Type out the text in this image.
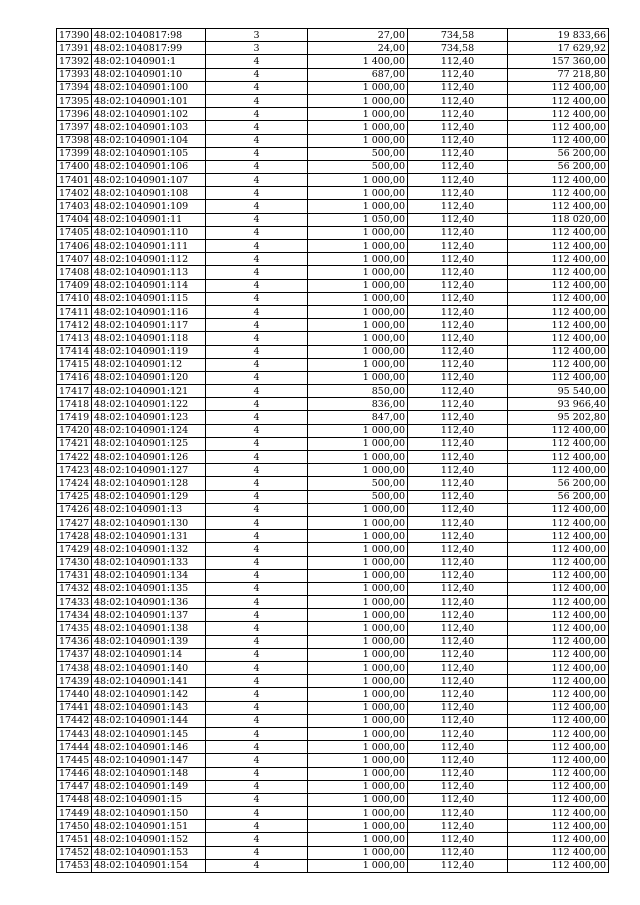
17390	48:02:1040817:98	3	27,00	734,58	19 833,66
17391	48:02:1040817:99	3	24,00	734,58	17 629,92
17392	48:02:1040901:1	4	1 400,00	112,40	157 360,00
17393	48:02:1040901:10	4	687,00	112,40	77 218,80
17394	48:02:1040901:100	4	1 000,00	112,40	112 400,00
17395	48:02:1040901:101	4	1 000,00	112,40	112 400,00
17396	48:02:1040901:102	4	1 000,00	112,40	112 400,00
17397	48:02:1040901:103	4	1 000,00	112,40	112 400,00
17398	48:02:1040901:104	4	1 000,00	112,40	112 400,00
17399	48:02:1040901:105	4	500,00	112,40	56 200,00
17400	48:02:1040901:106	4	500,00	112,40	56 200,00
17401	48:02:1040901:107	4	1 000,00	112,40	112 400,00
17402	48:02:1040901:108	4	1 000,00	112,40	112 400,00
17403	48:02:1040901:109	4	1 000,00	112,40	112 400,00
17404	48:02:1040901:11	4	1 050,00	112,40	118 020,00
17405	48:02:1040901:110	4	1 000,00	112,40	112 400,00
17406	48:02:1040901:111	4	1 000,00	112,40	112 400,00
17407	48:02:1040901:112	4	1 000,00	112,40	112 400,00
17408	48:02:1040901:113	4	1 000,00	112,40	112 400,00
17409	48:02:1040901:114	4	1 000,00	112,40	112 400,00
17410	48:02:1040901:115	4	1 000,00	112,40	112 400,00
17411	48:02:1040901:116	4	1 000,00	112,40	112 400,00
17412	48:02:1040901:117	4	1 000,00	112,40	112 400,00
17413	48:02:1040901:118	4	1 000,00	112,40	112 400,00
17414	48:02:1040901:119	4	1 000,00	112,40	112 400,00
17415	48:02:1040901:12	4	1 000,00	112,40	112 400,00
17416	48:02:1040901:120	4	1 000,00	112,40	112 400,00
17417	48:02:1040901:121	4	850,00	112,40	95 540,00
17418	48:02:1040901:122	4	836,00	112,40	93 966,40
17419	48:02:1040901:123	4	847,00	112,40	95 202,80
17420	48:02:1040901:124	4	1 000,00	112,40	112 400,00
17421	48:02:1040901:125	4	1 000,00	112,40	112 400,00
17422	48:02:1040901:126	4	1 000,00	112,40	112 400,00
17423	48:02:1040901:127	4	1 000,00	112,40	112 400,00
17424	48:02:1040901:128	4	500,00	112,40	56 200,00
17425	48:02:1040901:129	4	500,00	112,40	56 200,00
17426	48:02:1040901:13	4	1 000,00	112,40	112 400,00
17427	48:02:1040901:130	4	1 000,00	112,40	112 400,00
17428	48:02:1040901:131	4	1 000,00	112,40	112 400,00
17429	48:02:1040901:132	4	1 000,00	112,40	112 400,00
17430	48:02:1040901:133	4	1 000,00	112,40	112 400,00
17431	48:02:1040901:134	4	1 000,00	112,40	112 400,00
17432	48:02:1040901:135	4	1 000,00	112,40	112 400,00
17433	48:02:1040901:136	4	1 000,00	112,40	112 400,00
17434	48:02:1040901:137	4	1 000,00	112,40	112 400,00
17435	48:02:1040901:138	4	1 000,00	112,40	112 400,00
17436	48:02:1040901:139	4	1 000,00	112,40	112 400,00
17437	48:02:1040901:14	4	1 000,00	112,40	112 400,00
17438	48:02:1040901:140	4	1 000,00	112,40	112 400,00
17439	48:02:1040901:141	4	1 000,00	112,40	112 400,00
17440	48:02:1040901:142	4	1 000,00	112,40	112 400,00
17441	48:02:1040901:143	4	1 000,00	112,40	112 400,00
17442	48:02:1040901:144	4	1 000,00	112,40	112 400,00
17443	48:02:1040901:145	4	1 000,00	112,40	112 400,00
17444	48:02:1040901:146	4	1 000,00	112,40	112 400,00
17445	48:02:1040901:147	4	1 000,00	112,40	112 400,00
17446	48:02:1040901:148	4	1 000,00	112,40	112 400,00
17447	48:02:1040901:149	4	1 000,00	112,40	112 400,00
17448	48:02:1040901:15	4	1 000,00	112,40	112 400,00
17449	48:02:1040901:150	4	1 000,00	112,40	112 400,00
17450	48:02:1040901:151	4	1 000,00	112,40	112 400,00
17451	48:02:1040901:152	4	1 000,00	112,40	112 400,00
17452	48:02:1040901:153	4	1 000,00	112,40	112 400,00
17453	48:02:1040901:154	4	1 000,00	112,40	112 400,00
